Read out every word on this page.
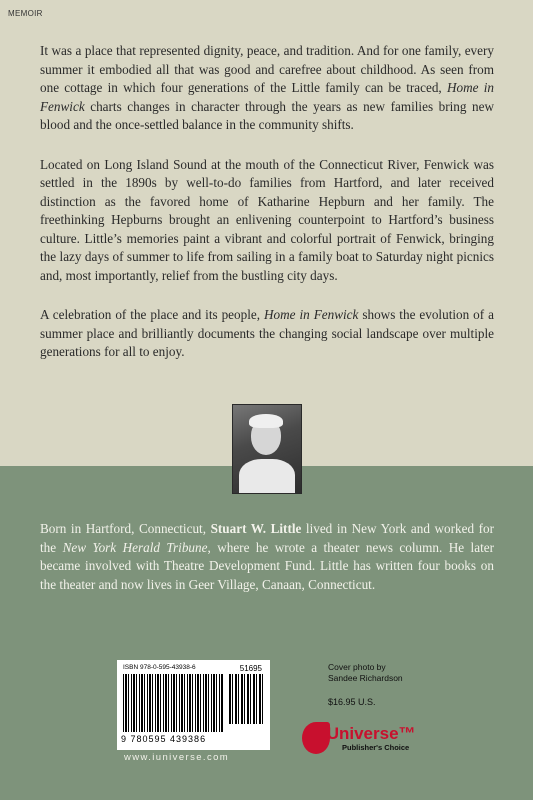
MEMOIR

It was a place that represented dignity, peace, and tradition. And for one family, every summer it embodied all that was good and carefree about childhood. As seen from one cottage in which four generations of the Little family can be traced, Home in Fenwick charts changes in character through the years as new families bring new blood and the once-settled balance in the community shifts.

Located on Long Island Sound at the mouth of the Connecticut River, Fenwick was settled in the 1890s by well-to-do families from Hartford, and later received distinction as the favored home of Katharine Hepburn and her family. The freethinking Hepburns brought an enlivening counterpoint to Hartford’s business culture. Little’s memories paint a vibrant and colorful portrait of Fenwick, bringing the lazy days of summer to life from sailing in a family boat to Saturday night picnics and, most importantly, relief from the bustling city days.

A celebration of the place and its people, Home in Fenwick shows the evolution of a summer place and brilliantly documents the changing social landscape over multiple generations for all to enjoy.

Born in Hartford, Connecticut, Stuart W. Little lived in New York and worked for the New York Herald Tribune, where he wrote a theater news column. He later became involved with Theatre Development Fund. Little has written four books on the theater and now lives in Geer Village, Canaan, Connecticut.
ISBN 978-0-595-43938-6	51695
9 780595 439386
www.iuniverse.com
Cover photo by
Sandee Richardson
$16.95 U.S.
iUniverse™
Publisher's Choice
